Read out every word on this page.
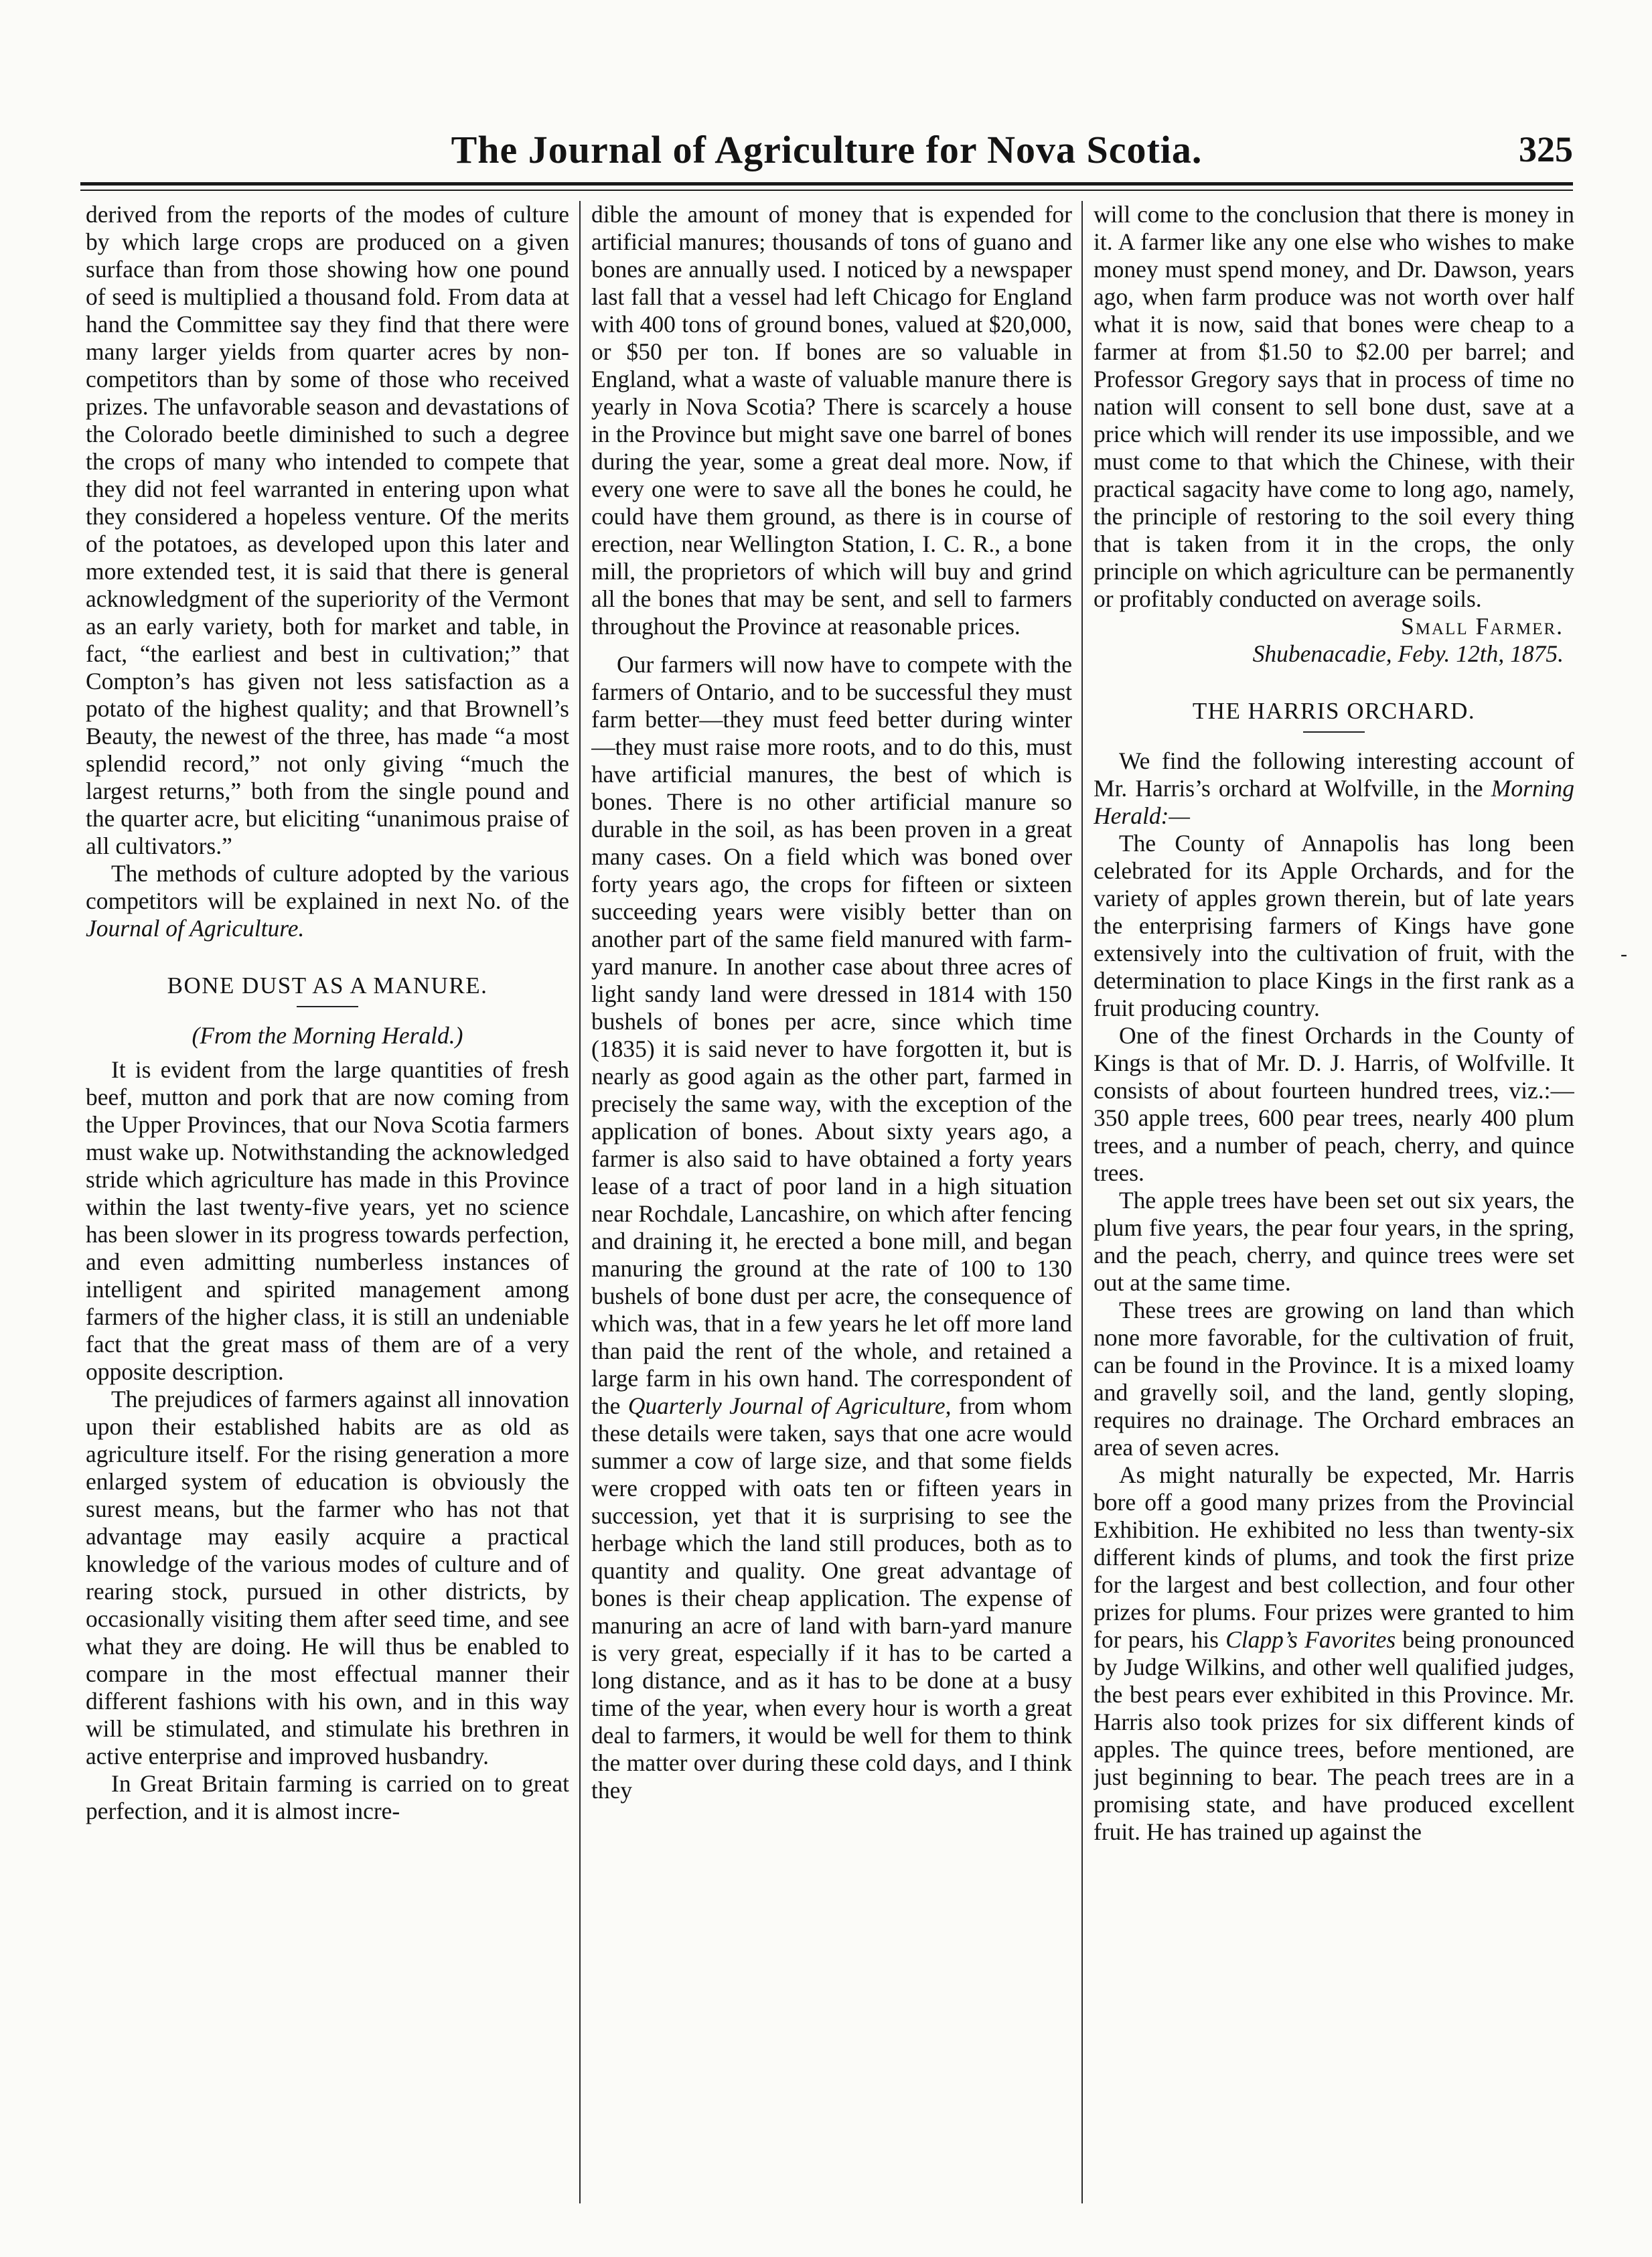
The Journal of Agriculture for Nova Scotia.	325

derived from the reports of the modes of culture by which large crops are produced on a given surface than from those showing how one pound of seed is multiplied a thousand fold. From data at hand the Committee say they find that there were many larger yields from quarter acres by non-competitors than by some of those who received prizes. The unfavorable season and devastations of the Colorado beetle diminished to such a degree the crops of many who intended to compete that they did not feel warranted in entering upon what they considered a hopeless venture. Of the merits of the potatoes, as developed upon this later and more extended test, it is said that there is general acknowledgment of the superiority of the Vermont as an early variety, both for market and table, in fact, “the earliest and best in cultivation;” that Compton’s has given not less satisfaction as a potato of the highest quality; and that Brownell’s Beauty, the newest of the three, has made “a most splendid record,” not only giving “much the largest returns,” both from the single pound and the quarter acre, but eliciting “unanimous praise of all cultivators.”

The methods of culture adopted by the various competitors will be explained in next No. of the Journal of Agriculture.

BONE DUST AS A MANURE.
(From the Morning Herald.)

It is evident from the large quantities of fresh beef, mutton and pork that are now coming from the Upper Provinces, that our Nova Scotia farmers must wake up. Notwithstanding the acknowledged stride which agriculture has made in this Province within the last twenty-five years, yet no science has been slower in its progress towards perfection, and even admitting numberless instances of intelligent and spirited management among farmers of the higher class, it is still an undeniable fact that the great mass of them are of a very opposite description.

The prejudices of farmers against all innovation upon their established habits are as old as agriculture itself. For the rising generation a more enlarged system of education is obviously the surest means, but the farmer who has not that advantage may easily acquire a practical knowledge of the various modes of culture and of rearing stock, pursued in other districts, by occasionally visiting them after seed time, and see what they are doing. He will thus be enabled to compare in the most effectual manner their different fashions with his own, and in this way will be stimulated, and stimulate his brethren in active enterprise and improved husbandry.

In Great Britain farming is carried on to great perfection, and it is almost incre-

dible the amount of money that is expended for artificial manures; thousands of tons of guano and bones are annually used. I noticed by a newspaper last fall that a vessel had left Chicago for England with 400 tons of ground bones, valued at $20,000, or $50 per ton. If bones are so valuable in England, what a waste of valuable manure there is yearly in Nova Scotia? There is scarcely a house in the Province but might save one barrel of bones during the year, some a great deal more. Now, if every one were to save all the bones he could, he could have them ground, as there is in course of erection, near Wellington Station, I. C. R., a bone mill, the proprietors of which will buy and grind all the bones that may be sent, and sell to farmers throughout the Province at reasonable prices.

Our farmers will now have to compete with the farmers of Ontario, and to be successful they must farm better—they must feed better during winter—they must raise more roots, and to do this, must have artificial manures, the best of which is bones. There is no other artificial manure so durable in the soil, as has been proven in a great many cases. On a field which was boned over forty years ago, the crops for fifteen or sixteen succeeding years were visibly better than on another part of the same field manured with farm-yard manure. In another case about three acres of light sandy land were dressed in 1814 with 150 bushels of bones per acre, since which time (1835) it is said never to have forgotten it, but is nearly as good again as the other part, farmed in precisely the same way, with the exception of the application of bones. About sixty years ago, a farmer is also said to have obtained a forty years lease of a tract of poor land in a high situation near Rochdale, Lancashire, on which after fencing and draining it, he erected a bone mill, and began manuring the ground at the rate of 100 to 130 bushels of bone dust per acre, the consequence of which was, that in a few years he let off more land than paid the rent of the whole, and retained a large farm in his own hand. The correspondent of the Quarterly Journal of Agriculture, from whom these details were taken, says that one acre would summer a cow of large size, and that some fields were cropped with oats ten or fifteen years in succession, yet that it is surprising to see the herbage which the land still produces, both as to quantity and quality. One great advantage of bones is their cheap application. The expense of manuring an acre of land with barn-yard manure is very great, especially if it has to be carted a long distance, and as it has to be done at a busy time of the year, when every hour is worth a great deal to farmers, it would be well for them to think the matter over during these cold days, and I think they

will come to the conclusion that there is money in it. A farmer like any one else who wishes to make money must spend money, and Dr. Dawson, years ago, when farm produce was not worth over half what it is now, said that bones were cheap to a farmer at from $1.50 to $2.00 per barrel; and Professor Gregory says that in process of time no nation will consent to sell bone dust, save at a price which will render its use impossible, and we must come to that which the Chinese, with their practical sagacity have come to long ago, namely, the principle of restoring to the soil every thing that is taken from it in the crops, the only principle on which agriculture can be permanently or profitably conducted on average soils.

Small Farmer.
Shubenacadie, Feby. 12th, 1875.
THE HARRIS ORCHARD.

We find the following interesting account of Mr. Harris’s orchard at Wolfville, in the Morning Herald:—

The County of Annapolis has long been celebrated for its Apple Orchards, and for the variety of apples grown therein, but of late years the enterprising farmers of Kings have gone extensively into the cultivation of fruit, with the determination to place Kings in the first rank as a fruit producing country.

One of the finest Orchards in the County of Kings is that of Mr. D. J. Harris, of Wolfville. It consists of about fourteen hundred trees, viz.:—350 apple trees, 600 pear trees, nearly 400 plum trees, and a number of peach, cherry, and quince trees.

The apple trees have been set out six years, the plum five years, the pear four years, in the spring, and the peach, cherry, and quince trees were set out at the same time.

These trees are growing on land than which none more favorable, for the cultivation of fruit, can be found in the Province. It is a mixed loamy and gravelly soil, and the land, gently sloping, requires no drainage. The Orchard embraces an area of seven acres.

As might naturally be expected, Mr. Harris bore off a good many prizes from the Provincial Exhibition. He exhibited no less than twenty-six different kinds of plums, and took the first prize for the largest and best collection, and four other prizes for plums. Four prizes were granted to him for pears, his Clapp’s Favorites being pronounced by Judge Wilkins, and other well qualified judges, the best pears ever exhibited in this Province. Mr. Harris also took prizes for six different kinds of apples. The quince trees, before mentioned, are just beginning to bear. The peach trees are in a promising state, and have produced excellent fruit. He has trained up against the

-
